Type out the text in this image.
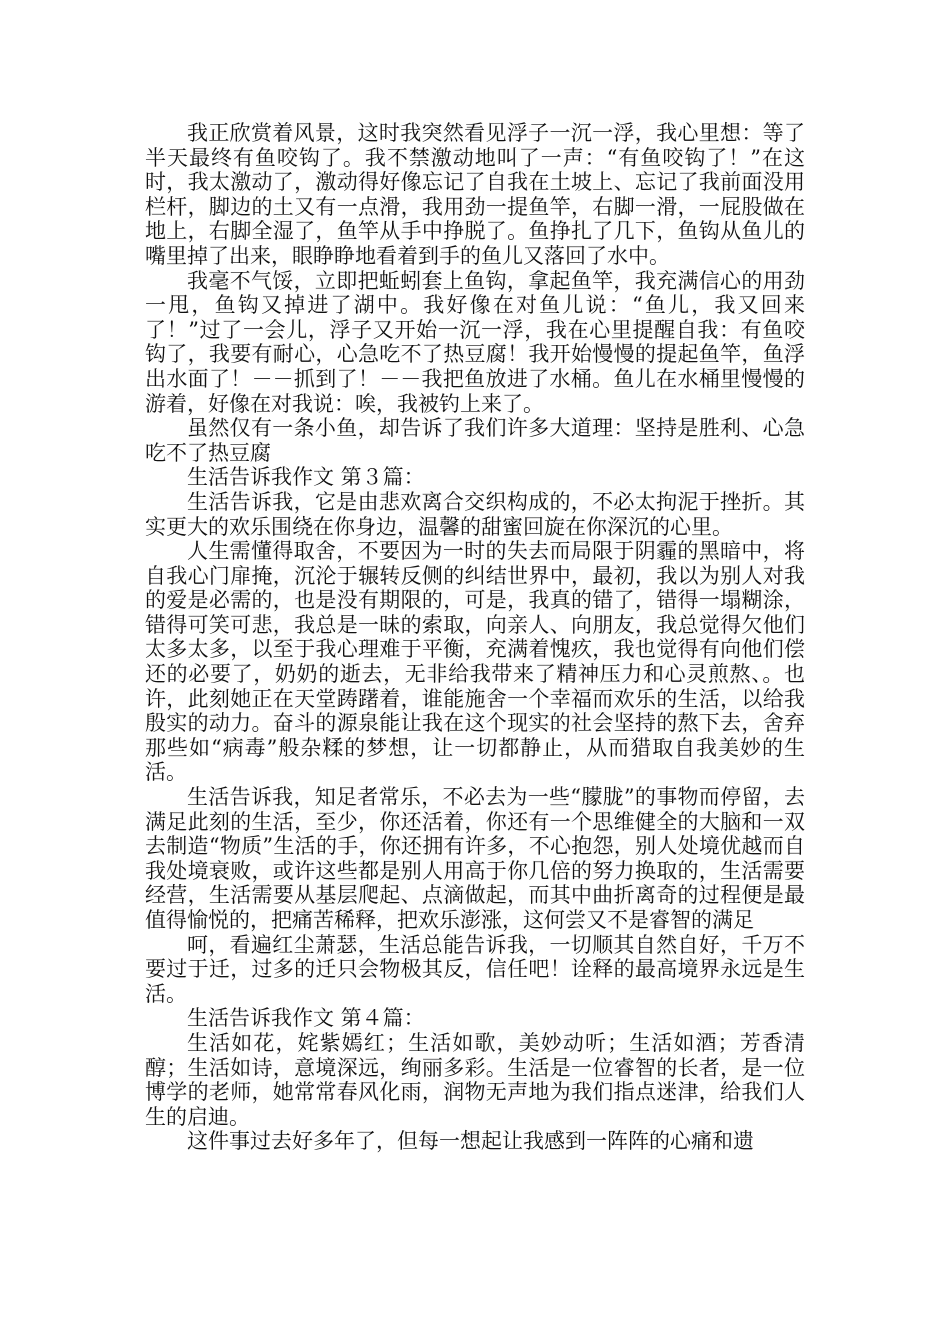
我正欣赏着风景，这时我突然看见浮子一沉一浮，我心里想：等了半天最终有鱼咬钩了。我不禁激动地叫了一声：“有鱼咬钩了！”在这时，我太激动了，激动得好像忘记了自我在土坡上、忘记了我前面没用栏杆，脚边的土又有一点滑，我用劲一提鱼竿，右脚一滑，一屁股做在地上，右脚全湿了，鱼竿从手中挣脱了。鱼挣扎了几下，鱼钩从鱼儿的嘴里掉了出来，眼睁睁地看着到手的鱼儿又落回了水中。

我毫不气馁，立即把蚯蚓套上鱼钩，拿起鱼竿，我充满信心的用劲一甩，鱼钩又掉进了湖中。我好像在对鱼儿说：“鱼儿，我又回来了！”过了一会儿，浮子又开始一沉一浮，我在心里提醒自我：有鱼咬钩了，我要有耐心，心急吃不了热豆腐！我开始慢慢的提起鱼竿，鱼浮出水面了！－－抓到了！－－我把鱼放进了水桶。鱼儿在水桶里慢慢的游着，好像在对我说：唉，我被钓上来了。

虽然仅有一条小鱼，却告诉了我们许多大道理：坚持是胜利、心急吃不了热豆腐

生活告诉我作文 第３篇：

生活告诉我，它是由悲欢离合交织构成的，不必太拘泥于挫折。其实更大的欢乐围绕在你身边，温馨的甜蜜回旋在你深沉的心里。

人生需懂得取舍，不要因为一时的失去而局限于阴霾的黑暗中，将自我心门扉掩，沉沦于辗转反侧的纠结世界中，最初，我以为别人对我的爱是必需的，也是没有期限的，可是，我真的错了，错得一塌糊涂，错得可笑可悲，我总是一昧的索取，向亲人、向朋友，我总觉得欠他们太多太多，以至于我心理难于平衡，充满着愧疚，我也觉得有向他们偿还的必要了，奶奶的逝去，无非给我带来了精神压力和心灵煎熬、。也许，此刻她正在天堂踌躇着，谁能施舍一个幸福而欢乐的生活，以给我殷实的动力。奋斗的源泉能让我在这个现实的社会坚持的熬下去，舍弃那些如“病毒”般杂糅的梦想，让一切都静止，从而猎取自我美妙的生活。

生活告诉我，知足者常乐，不必去为一些“朦胧”的事物而停留，去满足此刻的生活，至少，你还活着，你还有一个思维健全的大脑和一双去制造“物质”生活的手，你还拥有许多，不心抱怨，别人处境优越而自我处境衰败，或许这些都是别人用高于你几倍的努力换取的，生活需要经营，生活需要从基层爬起、点滴做起，而其中曲折离奇的过程便是最值得愉悦的，把痛苦稀释，把欢乐澎涨，这何尝又不是睿智的满足

呵，看遍红尘萧瑟，生活总能告诉我，一切顺其自然自好，千万不要过于迁，过多的迁只会物极其反，信任吧！诠释的最高境界永远是生活。

生活告诉我作文 第４篇：

生活如花，姹紫嫣红；生活如歌，美妙动听；生活如酒；芳香清醇；生活如诗，意境深远，绚丽多彩。生活是一位睿智的长者，是一位博学的老师，她常常春风化雨，润物无声地为我们指点迷津，给我们人生的启迪。

这件事过去好多年了，但每一想起让我感到一阵阵的心痛和遗
